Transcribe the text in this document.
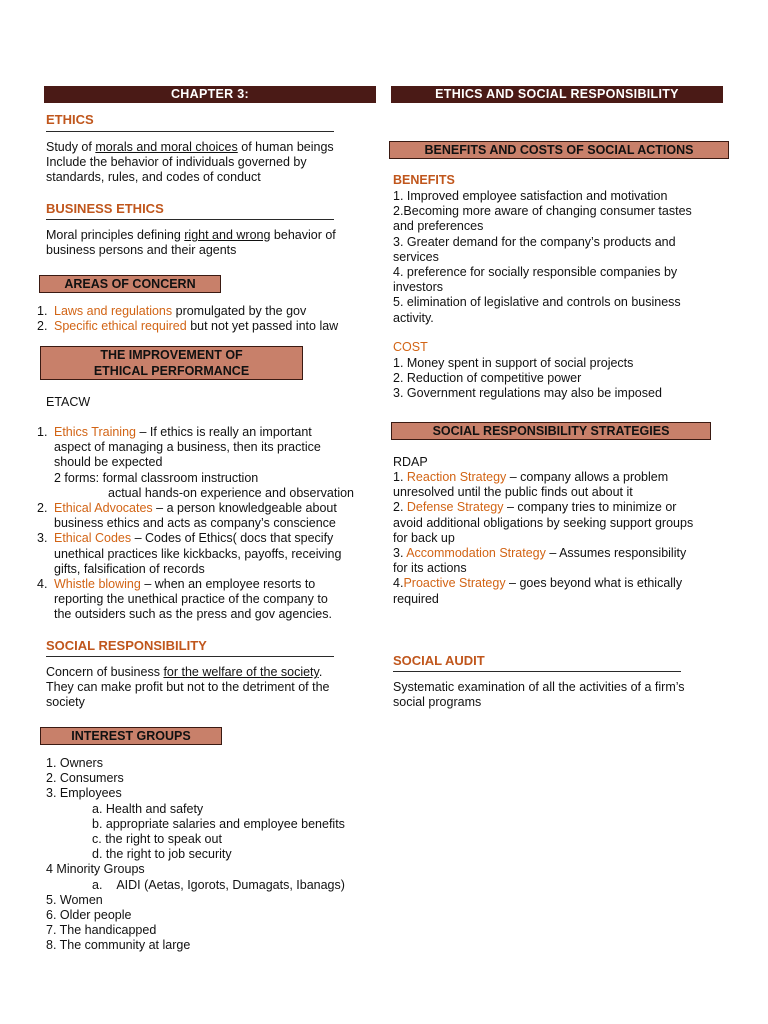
CHAPTER 3:	ETHICS AND SOCIAL RESPONSIBILITY
ETHICS
Study of morals and moral choices of human beings
Include the behavior of individuals governed by
standards, rules, and codes of conduct
BUSINESS ETHICS
Moral principles defining right and wrong behavior of
business persons and their agents
AREAS OF CONCERN
1. Laws and regulations promulgated by the gov
2. Specific ethical required but not yet passed into law
THE IMPROVEMENT OF
ETHICAL PERFORMANCE
ETACW
1. Ethics Training – If ethics is really an important
aspect of managing a business, then its practice
should be expected
2 forms: formal classroom instruction
actual hands-on experience and observation
2. Ethical Advocates – a person knowledgeable about
business ethics and acts as company’s conscience
3. Ethical Codes – Codes of Ethics( docs that specify
unethical practices like kickbacks, payoffs, receiving
gifts, falsification of records
4. Whistle blowing – when an employee resorts to
reporting the unethical practice of the company to
the outsiders such as the press and gov agencies.
SOCIAL RESPONSIBILITY
Concern of business for the welfare of the society.
They can make profit but not to the detriment of the
society
INTEREST GROUPS
1. Owners
2. Consumers
3. Employees
a. Health and safety
b. appropriate salaries and employee benefits
c. the right to speak out
d. the right to job security
4 Minority Groups
a. AIDI (Aetas, Igorots, Dumagats, Ibanags)
5. Women
6. Older people
7. The handicapped
8. The community at large
BENEFITS AND COSTS OF SOCIAL ACTIONS
BENEFITS
1. Improved employee satisfaction and motivation
2.Becoming more aware of changing consumer tastes
and preferences
3. Greater demand for the company’s products and
services
4. preference for socially responsible companies by
investors
5. elimination of legislative and controls on business
activity.
COST
1. Money spent in support of social projects
2. Reduction of competitive power
3. Government regulations may also be imposed
SOCIAL RESPONSIBILITY STRATEGIES
RDAP
1. Reaction Strategy – company allows a problem
unresolved until the public finds out about it
2. Defense Strategy – company tries to minimize or
avoid additional obligations by seeking support groups
for back up
3. Accommodation Strategy – Assumes responsibility
for its actions
4.Proactive Strategy – goes beyond what is ethically
required
SOCIAL AUDIT
Systematic examination of all the activities of a firm’s
social programs
